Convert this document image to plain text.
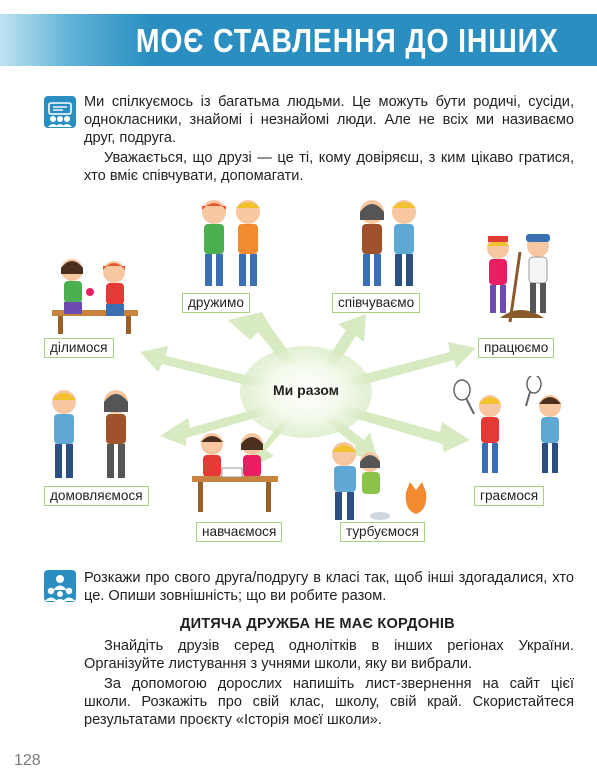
МОЄ СТАВЛЕННЯ ДО ІНШИХ

Ми спілкуємось із багатьма людьми. Це можуть бути родичі, сусіди, однокласники, знайомі і незнайомі люди. Але не всіх ми називаємо друг, подруга.

Уважається, що друзі — це ті, кому довіряєш, з ким цікаво гратися, хто вміє співчувати, допомагати.

Ми разом
ділимося
дружимо	співчуваємо
працюємо
домовляємося
навчаємося	турбуємося
граємося

Розкажи про свого друга/подругу в класі так, щоб інші здогадалися, хто це. Опиши зовнішність; що ви робите разом.

ДИТЯЧА ДРУЖБА НЕ МАЄ КОРДОНІВ

Знайдіть друзів серед однолітків в інших регіонах України. Організуйте листування з учнями школи, яку ви вибрали.

За допомогою дорослих напишіть лист-звернення на сайт цієї школи. Розкажіть про свій клас, школу, свій край. Скористайтеся результатами проєкту «Історія моєї школи».

128
